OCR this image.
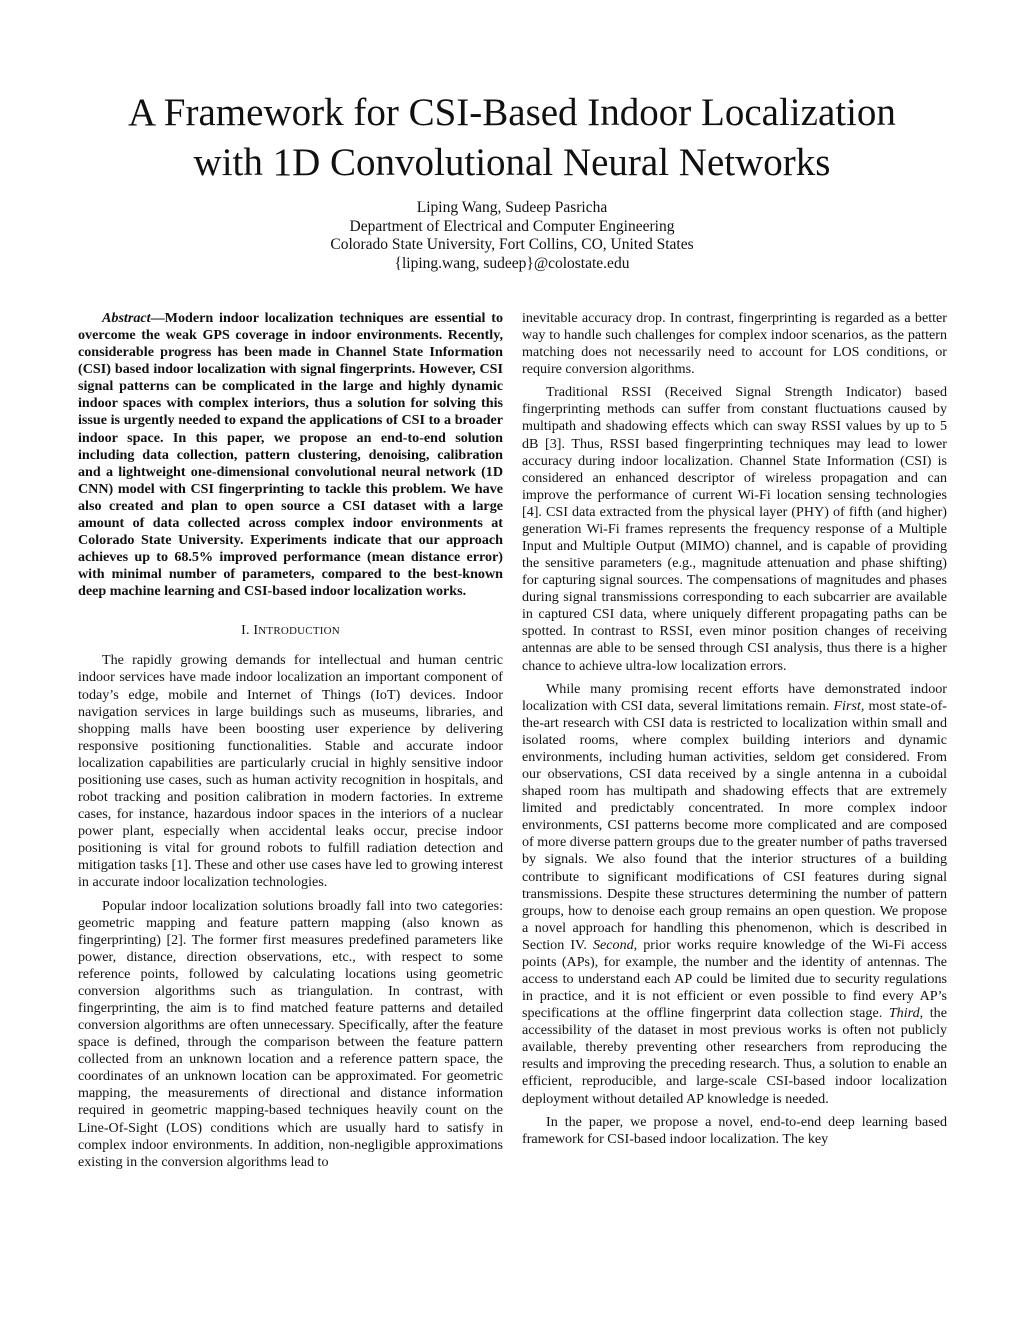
A Framework for CSI-Based Indoor Localization
with 1D Convolutional Neural Networks
Liping Wang, Sudeep Pasricha
Department of Electrical and Computer Engineering
Colorado State University, Fort Collins, CO, United States
{liping.wang, sudeep}@colostate.edu

Abstract—Modern indoor localization techniques are essential to overcome the weak GPS coverage in indoor environments. Recently, considerable progress has been made in Channel State Information (CSI) based indoor localization with signal fingerprints. However, CSI signal patterns can be complicated in the large and highly dynamic indoor spaces with complex interiors, thus a solution for solving this issue is urgently needed to expand the applications of CSI to a broader indoor space. In this paper, we propose an end-to-end solution including data collection, pattern clustering, denoising, calibration and a lightweight one-dimensional convolutional neural network (1D CNN) model with CSI fingerprinting to tackle this problem. We have also created and plan to open source a CSI dataset with a large amount of data collected across complex indoor environments at Colorado State University. Experiments indicate that our approach achieves up to 68.5% improved performance (mean distance error) with minimal number of parameters, compared to the best-known deep machine learning and CSI-based indoor localization works.

I. INTRODUCTION

The rapidly growing demands for intellectual and human centric indoor services have made indoor localization an important component of today’s edge, mobile and Internet of Things (IoT) devices. Indoor navigation services in large buildings such as museums, libraries, and shopping malls have been boosting user experience by delivering responsive positioning functionalities. Stable and accurate indoor localization capabilities are particularly crucial in highly sensitive indoor positioning use cases, such as human activity recognition in hospitals, and robot tracking and position calibration in modern factories. In extreme cases, for instance, hazardous indoor spaces in the interiors of a nuclear power plant, especially when accidental leaks occur, precise indoor positioning is vital for ground robots to fulfill radiation detection and mitigation tasks [1]. These and other use cases have led to growing interest in accurate indoor localization technologies.

Popular indoor localization solutions broadly fall into two categories: geometric mapping and feature pattern mapping (also known as fingerprinting) [2]. The former first measures predefined parameters like power, distance, direction observations, etc., with respect to some reference points, followed by calculating locations using geometric conversion algorithms such as triangulation. In contrast, with fingerprinting, the aim is to find matched feature patterns and detailed conversion algorithms are often unnecessary. Specifically, after the feature space is defined, through the comparison between the feature pattern collected from an unknown location and a reference pattern space, the coordinates of an unknown location can be approximated. For geometric mapping, the measurements of directional and distance information required in geometric mapping-based techniques heavily count on the Line-Of-Sight (LOS) conditions which are usually hard to satisfy in complex indoor environments. In addition, non-negligible approximations existing in the conversion algorithms lead to

inevitable accuracy drop. In contrast, fingerprinting is regarded as a better way to handle such challenges for complex indoor scenarios, as the pattern matching does not necessarily need to account for LOS conditions, or require conversion algorithms.

Traditional RSSI (Received Signal Strength Indicator) based fingerprinting methods can suffer from constant fluctuations caused by multipath and shadowing effects which can sway RSSI values by up to 5 dB [3]. Thus, RSSI based fingerprinting techniques may lead to lower accuracy during indoor localization. Channel State Information (CSI) is considered an enhanced descriptor of wireless propagation and can improve the performance of current Wi-Fi location sensing technologies [4]. CSI data extracted from the physical layer (PHY) of fifth (and higher) generation Wi-Fi frames represents the frequency response of a Multiple Input and Multiple Output (MIMO) channel, and is capable of providing the sensitive parameters (e.g., magnitude attenuation and phase shifting) for capturing signal sources. The compensations of magnitudes and phases during signal transmissions corresponding to each subcarrier are available in captured CSI data, where uniquely different propagating paths can be spotted. In contrast to RSSI, even minor position changes of receiving antennas are able to be sensed through CSI analysis, thus there is a higher chance to achieve ultra-low localization errors.

While many promising recent efforts have demonstrated indoor localization with CSI data, several limitations remain. First, most state-of-the-art research with CSI data is restricted to localization within small and isolated rooms, where complex building interiors and dynamic environments, including human activities, seldom get considered. From our observations, CSI data received by a single antenna in a cuboidal shaped room has multipath and shadowing effects that are extremely limited and predictably concentrated. In more complex indoor environments, CSI patterns become more complicated and are composed of more diverse pattern groups due to the greater number of paths traversed by signals. We also found that the interior structures of a building contribute to significant modifications of CSI features during signal transmissions. Despite these structures determining the number of pattern groups, how to denoise each group remains an open question. We propose a novel approach for handling this phenomenon, which is described in Section IV. Second, prior works require knowledge of the Wi-Fi access points (APs), for example, the number and the identity of antennas. The access to understand each AP could be limited due to security regulations in practice, and it is not efficient or even possible to find every AP’s specifications at the offline fingerprint data collection stage. Third, the accessibility of the dataset in most previous works is often not publicly available, thereby preventing other researchers from reproducing the results and improving the preceding research. Thus, a solution to enable an efficient, reproducible, and large-scale CSI-based indoor localization deployment without detailed AP knowledge is needed.

In the paper, we propose a novel, end-to-end deep learning based framework for CSI-based indoor localization. The key
